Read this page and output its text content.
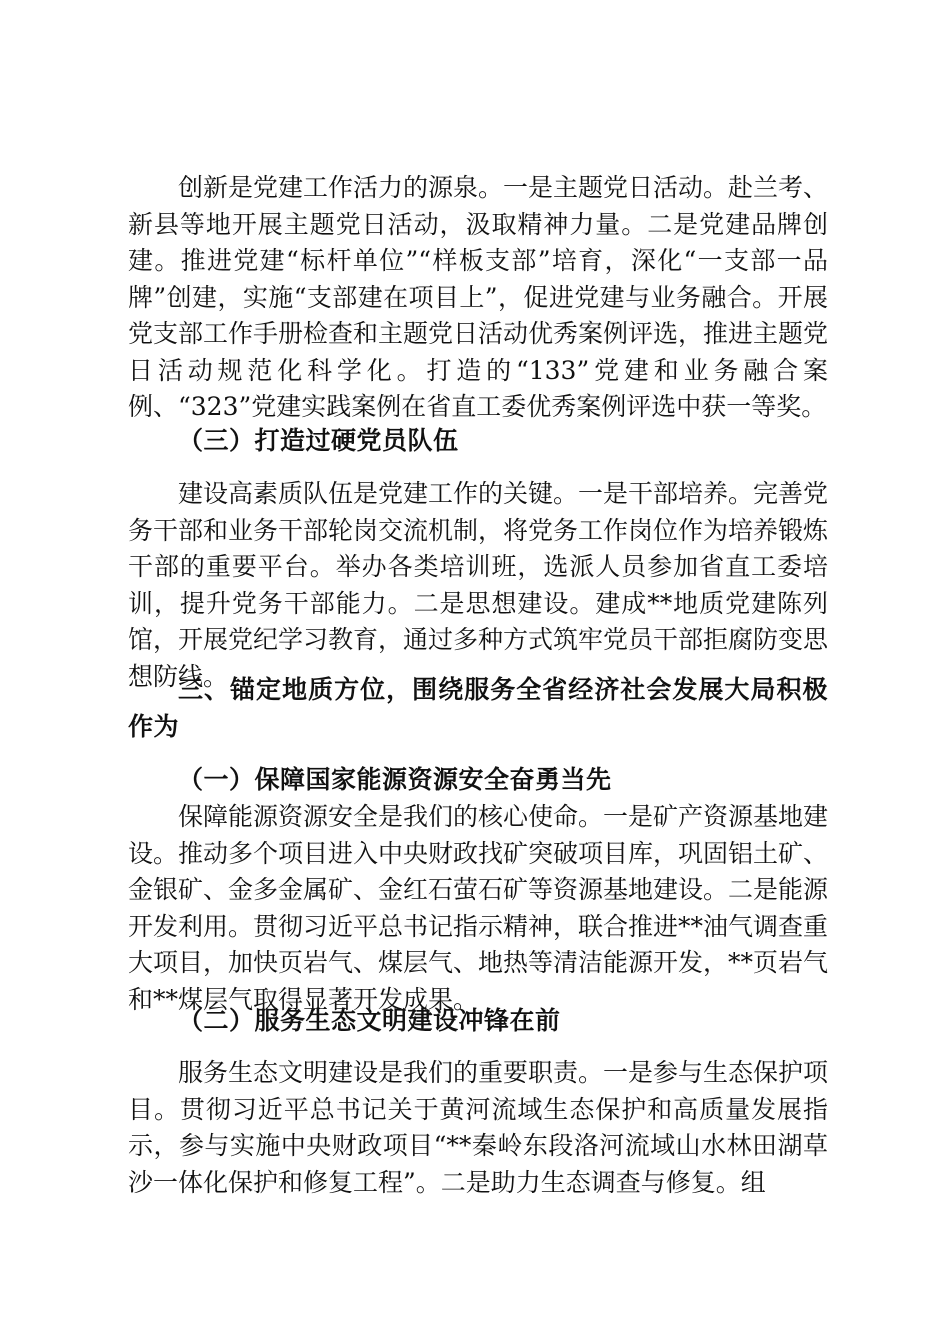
创新是党建工作活力的源泉。一是主题党日活动。赴兰考、新县等地开展主题党日活动，汲取精神力量。二是党建品牌创建。推进党建“标杆单位”“样板支部”培育，深化“一支部一品牌”创建，实施“支部建在项目上”，促进党建与业务融合。开展党支部工作手册检查和主题党日活动优秀案例评选，推进主题党日活动规范化科学化。打造的“133”党建和业务融合案例、“323”党建实践案例在省直工委优秀案例评选中获一等奖。

（三）打造过硬党员队伍

建设高素质队伍是党建工作的关键。一是干部培养。完善党务干部和业务干部轮岗交流机制，将党务工作岗位作为培养锻炼干部的重要平台。举办各类培训班，选派人员参加省直工委培训，提升党务干部能力。二是思想建设。建成**地质党建陈列馆，开展党纪学习教育，通过多种方式筑牢党员干部拒腐防变思想防线。

三、锚定地质方位，围绕服务全省经济社会发展大局积极作为

（一）保障国家能源资源安全奋勇当先

保障能源资源安全是我们的核心使命。一是矿产资源基地建设。推动多个项目进入中央财政找矿突破项目库，巩固铝土矿、金银矿、金多金属矿、金红石萤石矿等资源基地建设。二是能源开发利用。贯彻习近平总书记指示精神，联合推进**油气调查重大项目，加快页岩气、煤层气、地热等清洁能源开发，**页岩气和**煤层气取得显著开发成果。

（二）服务生态文明建设冲锋在前

服务生态文明建设是我们的重要职责。一是参与生态保护项目。贯彻习近平总书记关于黄河流域生态保护和高质量发展指示，参与实施中央财政项目“**秦岭东段洛河流域山水林田湖草沙一体化保护和修复工程”。二是助力生态调查与修复。组
